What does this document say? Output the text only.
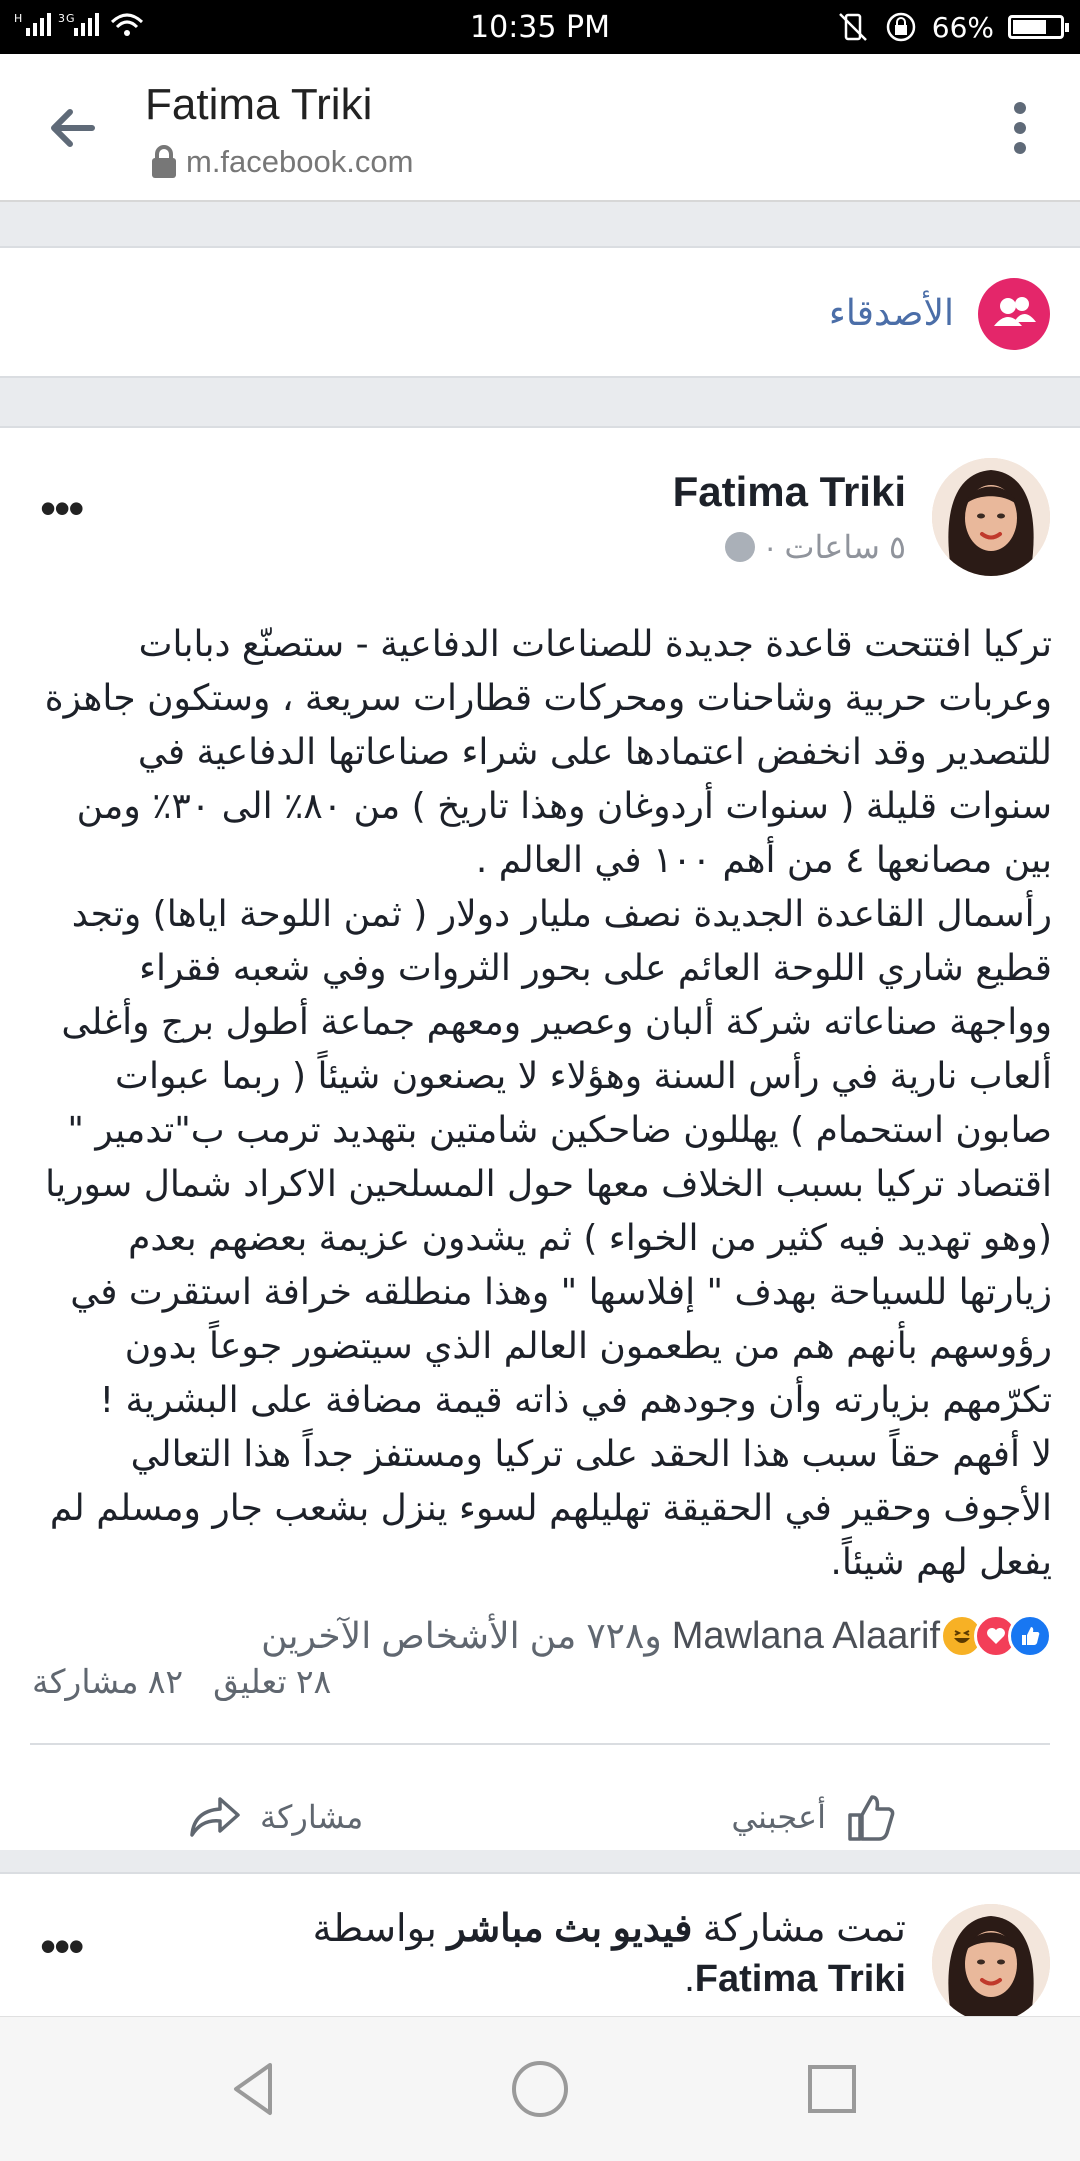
H	3G	10:35 PM	66%
Fatima Triki
m.facebook.com
الأصدقاء
Fatima Triki
٥ ساعات ·
•••

تركيا افتتحت قاعدة جديدة للصناعات الدفاعية - ستصنّع دبابات وعربات حربية وشاحنات ومحركات قطارات سريعة ، وستكون جاهزة للتصدير وقد انخفض اعتمادها على شراء صناعاتها الدفاعية في سنوات قليلة ( سنوات أردوغان وهذا تاريخ ) من ٨٠٪ الى ٣٠٪ ومن بين مصانعها ٤ من أهم ١٠٠ في العالم .

رأسمال القاعدة الجديدة نصف مليار دولار ( ثمن اللوحة اياها) وتجد قطيع شاري اللوحة العائم على بحور الثروات وفي شعبه فقراء وواجهة صناعاته شركة ألبان وعصير ومعهم جماعة أطول برج وأغلى ألعاب نارية في رأس السنة وهؤلاء لا يصنعون شيئاً ( ربما عبوات صابون استحمام ) يهللون ضاحكين شامتين بتهديد ترمب ب"تدمير " اقتصاد تركيا بسبب الخلاف معها حول المسلحين الاكراد شمال سوريا (وهو تهديد فيه كثير من الخواء ) ثم يشدون عزيمة بعضهم بعدم زيارتها للسياحة بهدف " إفلاسها " وهذا منطلقه خرافة استقرت في رؤوسهم بأنهم هم من يطعمون العالم الذي سيتضور جوعاً بدون تكرّمهم بزيارته وأن وجودهم في ذاته قيمة مضافة على البشرية !

لا أفهم حقاً سبب هذا الحقد على تركيا ومستفز جداً هذا التعالي الأجوف وحقير في الحقيقة تهليلهم لسوء ينزل بشعب جار ومسلم لم يفعل لهم شيئاً.

Mawlana Alaarif و٧٢٨ من الأشخاص الآخرين
٢٨ تعليق
٨٢ مشاركة
أعجبني
مشاركة
تمت مشاركة فيديو بث مباشر بواسطة Fatima Triki.
•••
